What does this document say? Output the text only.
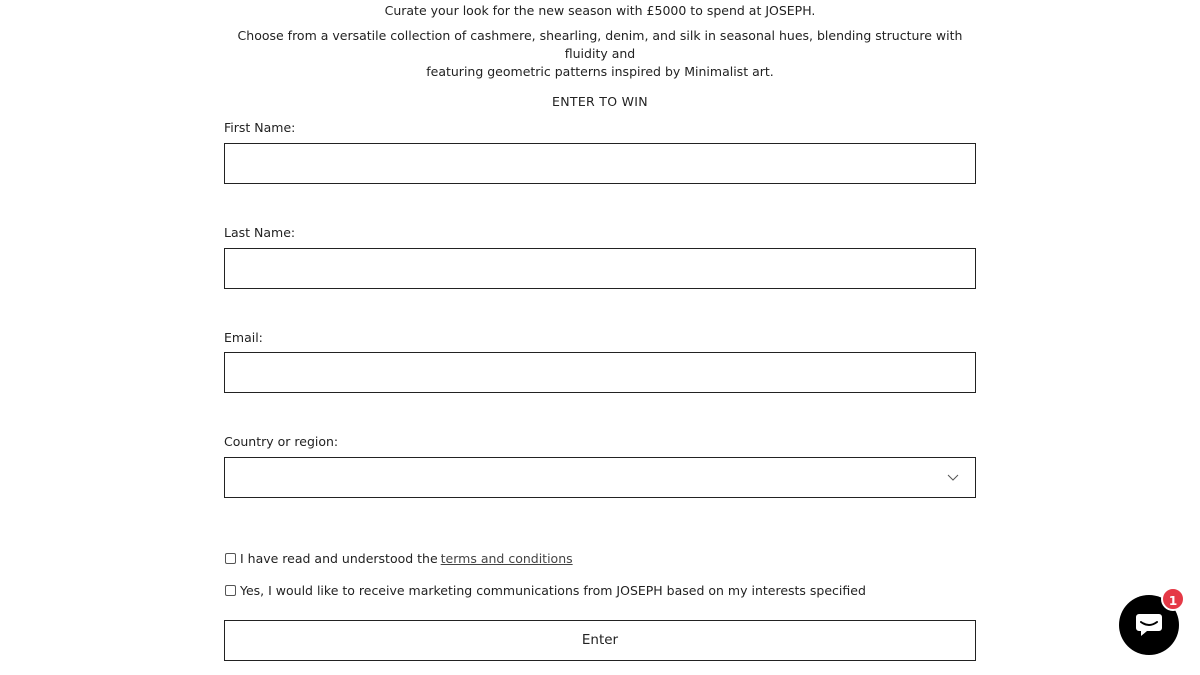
Curate your look for the new season with £5000 to spend at JOSEPH.
Choose from a versatile collection of cashmere, shearling, denim, and silk in seasonal hues, blending structure with fluidity and
featuring geometric patterns inspired by Minimalist art.
ENTER TO WIN
First Name:
Last Name:
Email:
Country or region:
I have read and understood the terms and conditions
Yes, I would like to receive marketing communications from JOSEPH based on my interests specified
Enter
1
